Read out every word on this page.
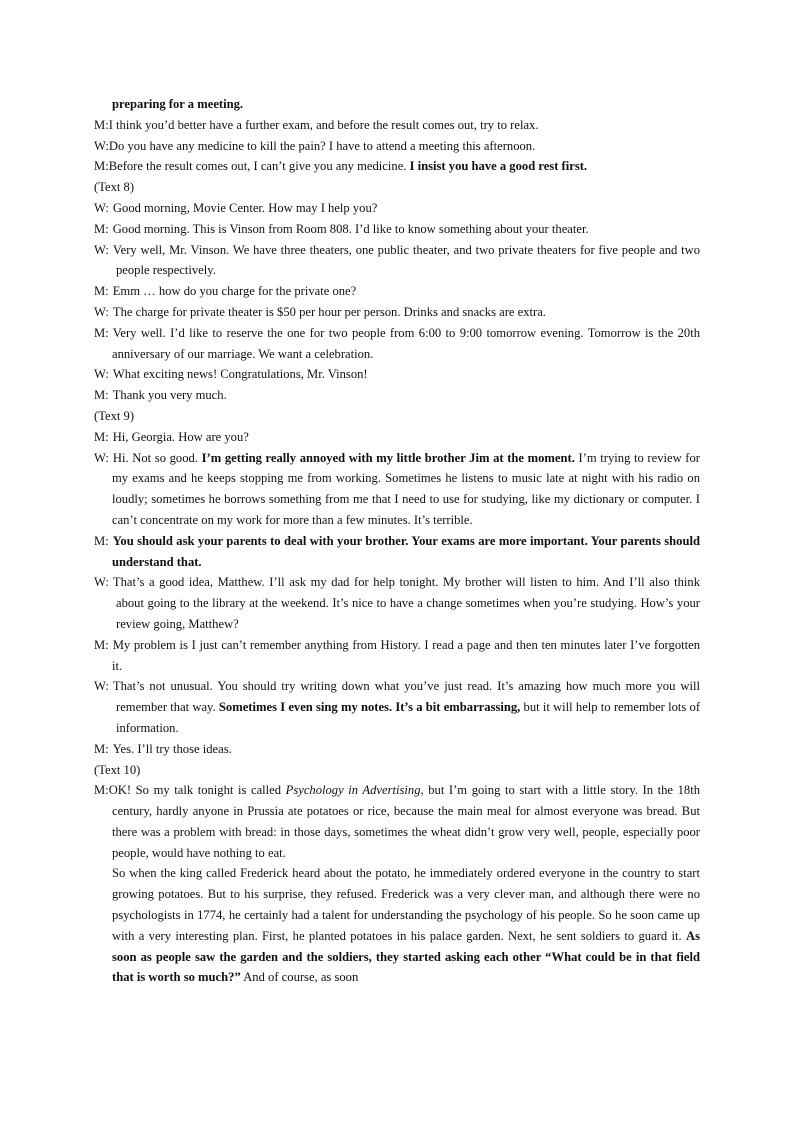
preparing for a meeting.
M:I think you’d better have a further exam, and before the result comes out, try to relax.
W:Do you have any medicine to kill the pain? I have to attend a meeting this afternoon.
M:Before the result comes out, I can’t give you any medicine. I insist you have a good rest first.
(Text 8)
W: Good morning, Movie Center. How may I help you?
M: Good morning. This is Vinson from Room 808. I’d like to know something about your theater.
W: Very well, Mr. Vinson. We have three theaters, one public theater, and two private theaters for five people and two people respectively.
M: Emm … how do you charge for the private one?
W: The charge for private theater is $50 per hour per person. Drinks and snacks are extra.
M: Very well. I’d like to reserve the one for two people from 6:00 to 9:00 tomorrow evening. Tomorrow is the 20th anniversary of our marriage. We want a celebration.
W: What exciting news! Congratulations, Mr. Vinson!
M: Thank you very much.
(Text 9)
M: Hi, Georgia. How are you?
W: Hi. Not so good. I’m getting really annoyed with my little brother Jim at the moment. I’m trying to review for my exams and he keeps stopping me from working. Sometimes he listens to music late at night with his radio on loudly; sometimes he borrows something from me that I need to use for studying, like my dictionary or computer. I can’t concentrate on my work for more than a few minutes. It’s terrible.
M: You should ask your parents to deal with your brother. Your exams are more important. Your parents should understand that.
W: That’s a good idea, Matthew. I’ll ask my dad for help tonight. My brother will listen to him. And I’ll also think about going to the library at the weekend. It’s nice to have a change sometimes when you’re studying. How’s your review going, Matthew?
M: My problem is I just can’t remember anything from History. I read a page and then ten minutes later I’ve forgotten it.
W: That’s not unusual. You should try writing down what you’ve just read. It’s amazing how much more you will remember that way. Sometimes I even sing my notes. It’s a bit embarrassing, but it will help to remember lots of information.
M: Yes. I’ll try those ideas.
(Text 10)
M:OK! So my talk tonight is called Psychology in Advertising, but I’m going to start with a little story. In the 18th century, hardly anyone in Prussia ate potatoes or rice, because the main meal for almost everyone was bread. But there was a problem with bread: in those days, sometimes the wheat didn’t grow very well, people, especially poor people, would have nothing to eat.
So when the king called Frederick heard about the potato, he immediately ordered everyone in the country to start growing potatoes. But to his surprise, they refused. Frederick was a very clever man, and although there were no psychologists in 1774, he certainly had a talent for understanding the psychology of his people. So he soon came up with a very interesting plan. First, he planted potatoes in his palace garden. Next, he sent soldiers to guard it. As soon as people saw the garden and the soldiers, they started asking each other “What could be in that field that is worth so much?” And of course, as soon
